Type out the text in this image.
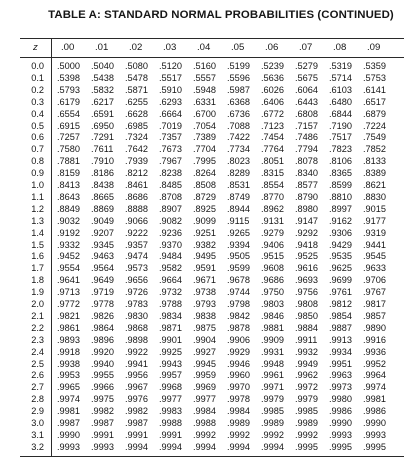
TABLE A: STANDARD NORMAL PROBABILITIES (CONTINUED)
z .00 .01 .02 .03 .04 .05 .06 .07 .08 .09
0.0 .5000 .5040 .5080 .5120 .5160 .5199 .5239 .5279 .5319 .5359
0.1 .5398 .5438 .5478 .5517 .5557 .5596 .5636 .5675 .5714 .5753
0.2 .5793 .5832 .5871 .5910 .5948 .5987 .6026 .6064 .6103 .6141
0.3 .6179 .6217 .6255 .6293 .6331 .6368 .6406 .6443 .6480 .6517
0.4 .6554 .6591 .6628 .6664 .6700 .6736 .6772 .6808 .6844 .6879
0.5 .6915 .6950 .6985 .7019 .7054 .7088 .7123 .7157 .7190 .7224
0.6 .7257 .7291 .7324 .7357 .7389 .7422 .7454 .7486 .7517 .7549
0.7 .7580 .7611 .7642 .7673 .7704 .7734 .7764 .7794 .7823 .7852
0.8 .7881 .7910 .7939 .7967 .7995 .8023 .8051 .8078 .8106 .8133
0.9 .8159 .8186 .8212 .8238 .8264 .8289 .8315 .8340 .8365 .8389
1.0 .8413 .8438 .8461 .8485 .8508 .8531 .8554 .8577 .8599 .8621
1.1 .8643 .8665 .8686 .8708 .8729 .8749 .8770 .8790 .8810 .8830
1.2 .8849 .8869 .8888 .8907 .8925 .8944 .8962 .8980 .8997 .9015
1.3 .9032 .9049 .9066 .9082 .9099 .9115 .9131 .9147 .9162 .9177
1.4 .9192 .9207 .9222 .9236 .9251 .9265 .9279 .9292 .9306 .9319
1.5 .9332 .9345 .9357 .9370 .9382 .9394 .9406 .9418 .9429 .9441
1.6 .9452 .9463 .9474 .9484 .9495 .9505 .9515 .9525 .9535 .9545
1.7 .9554 .9564 .9573 .9582 .9591 .9599 .9608 .9616 .9625 .9633
1.8 .9641 .9649 .9656 .9664 .9671 .9678 .9686 .9693 .9699 .9706
1.9 .9713 .9719 .9726 .9732 .9738 .9744 .9750 .9756 .9761 .9767
2.0 .9772 .9778 .9783 .9788 .9793 .9798 .9803 .9808 .9812 .9817
2.1 .9821 .9826 .9830 .9834 .9838 .9842 .9846 .9850 .9854 .9857
2.2 .9861 .9864 .9868 .9871 .9875 .9878 .9881 .9884 .9887 .9890
2.3 .9893 .9896 .9898 .9901 .9904 .9906 .9909 .9911 .9913 .9916
2.4 .9918 .9920 .9922 .9925 .9927 .9929 .9931 .9932 .9934 .9936
2.5 .9938 .9940 .9941 .9943 .9945 .9946 .9948 .9949 .9951 .9952
2.6 .9953 .9955 .9956 .9957 .9959 .9960 .9961 .9962 .9963 .9964
2.7 .9965 .9966 .9967 .9968 .9969 .9970 .9971 .9972 .9973 .9974
2.8 .9974 .9975 .9976 .9977 .9977 .9978 .9979 .9979 .9980 .9981
2.9 .9981 .9982 .9982 .9983 .9984 .9984 .9985 .9985 .9986 .9986
3.0 .9987 .9987 .9987 .9988 .9988 .9989 .9989 .9989 .9990 .9990
3.1 .9990 .9991 .9991 .9991 .9992 .9992 .9992 .9992 .9993 .9993
3.2 .9993 .9993 .9994 .9994 .9994 .9994 .9994 .9995 .9995 .9995
